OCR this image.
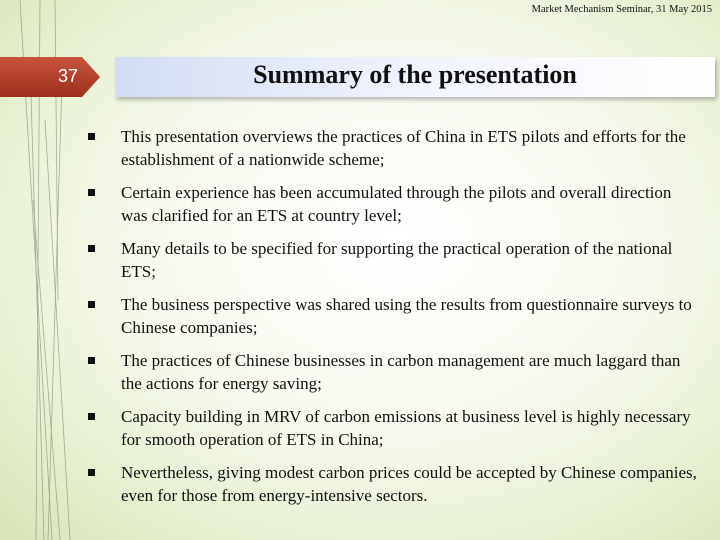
Market Mechanism Seminar, 31 May 2015
37	Summary of the presentation
This presentation overviews the practices of China in ETS pilots and efforts for the establishment of a nationwide scheme;
Certain experience has been accumulated through the pilots and overall direction was clarified for an ETS at country level;
Many details to be specified for supporting the practical operation of the national ETS;
The business perspective was shared using the results from questionnaire surveys to Chinese companies;
The practices of Chinese businesses in carbon management are much laggard than the actions for energy saving;
Capacity building in MRV of carbon emissions at business level is highly necessary for smooth operation of ETS in China;
Nevertheless, giving modest carbon prices could be accepted by Chinese companies, even for those from energy-intensive sectors.
